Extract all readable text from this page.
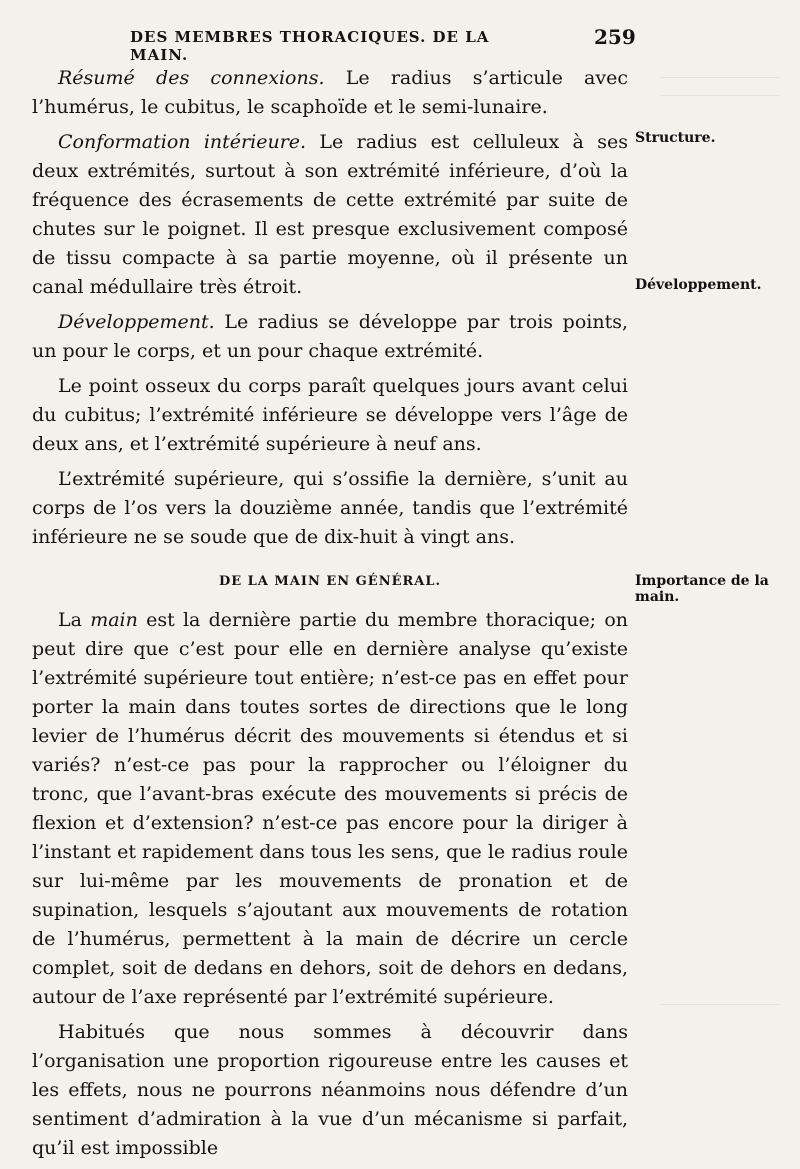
DES MEMBRES THORACIQUES. DE LA MAIN.
259
Structure.
Développement.
Importance de la main.

Résumé des connexions. Le radius s’articule avec l’humérus, le cubitus, le scaphoïde et le semi-lunaire.

Conformation intérieure. Le radius est celluleux à ses deux extrémités, surtout à son extrémité inférieure, d’où la fréquence des écrasements de cette extrémité par suite de chutes sur le poignet. Il est presque exclusivement composé de tissu compacte à sa partie moyenne, où il présente un canal médullaire très étroit.

Développement. Le radius se développe par trois points, un pour le corps, et un pour chaque extrémité.

Le point osseux du corps paraît quelques jours avant celui du cubitus; l’extrémité inférieure se développe vers l’âge de deux ans, et l’extrémité supérieure à neuf ans.

L’extrémité supérieure, qui s’ossifie la dernière, s’unit au corps de l’os vers la douzième année, tandis que l’extrémité inférieure ne se soude que de dix-huit à vingt ans.

DE LA MAIN EN GÉNÉRAL.

La main est la dernière partie du membre thoracique; on peut dire que c’est pour elle en dernière analyse qu’existe l’extrémité supérieure tout entière; n’est-ce pas en effet pour porter la main dans toutes sortes de directions que le long levier de l’humérus décrit des mouvements si étendus et si variés? n’est-ce pas pour la rapprocher ou l’éloigner du tronc, que l’avant-bras exécute des mouvements si précis de flexion et d’extension? n’est-ce pas encore pour la diriger à l’instant et rapidement dans tous les sens, que le radius roule sur lui-même par les mouvements de pronation et de supination, lesquels s’ajoutant aux mouvements de rotation de l’humérus, permettent à la main de décrire un cercle complet, soit de dedans en dehors, soit de dehors en dedans, autour de l’axe représenté par l’extrémité supérieure.

Habitués que nous sommes à découvrir dans l’organisation une proportion rigoureuse entre les causes et les effets, nous ne pourrons néanmoins nous défendre d’un sentiment d’admiration à la vue d’un mécanisme si parfait, qu’il est impossible
